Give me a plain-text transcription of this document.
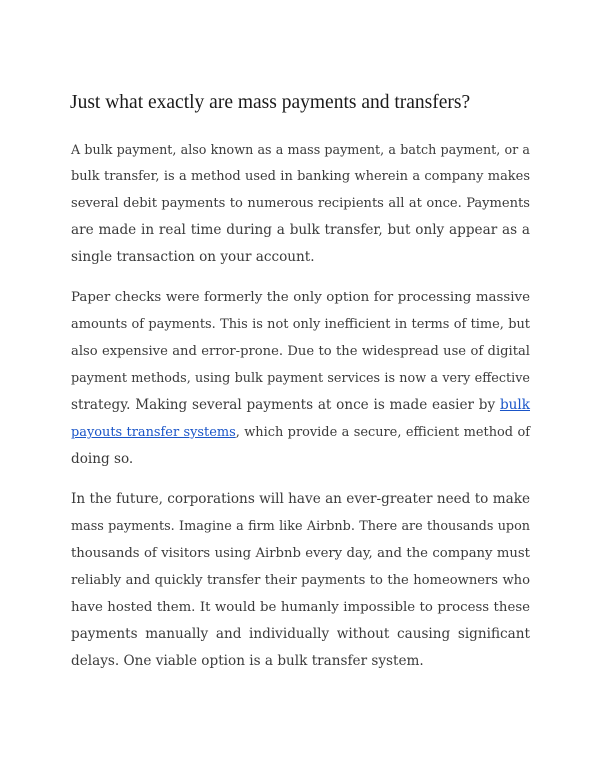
Just what exactly are mass payments and transfers?

A bulk payment, also known as a mass payment, a batch payment, or a
bulk transfer, is a method used in banking wherein a company makes
several debit payments to numerous recipients all at once. Payments
are made in real time during a bulk transfer, but only appear as a
single transaction on your account.

Paper checks were formerly the only option for processing massive
amounts of payments. This is not only inefficient in terms of time, but
also expensive and error-prone. Due to the widespread use of digital
payment methods, using bulk payment services is now a very effective
strategy. Making several payments at once is made easier by bulk
payouts transfer systems, which provide a secure, efficient method of
doing so.

In the future, corporations will have an ever-greater need to make
mass payments. Imagine a firm like Airbnb. There are thousands upon
thousands of visitors using Airbnb every day, and the company must
reliably and quickly transfer their payments to the homeowners who
have hosted them. It would be humanly impossible to process these
payments manually and individually without causing significant
delays. One viable option is a bulk transfer system.
